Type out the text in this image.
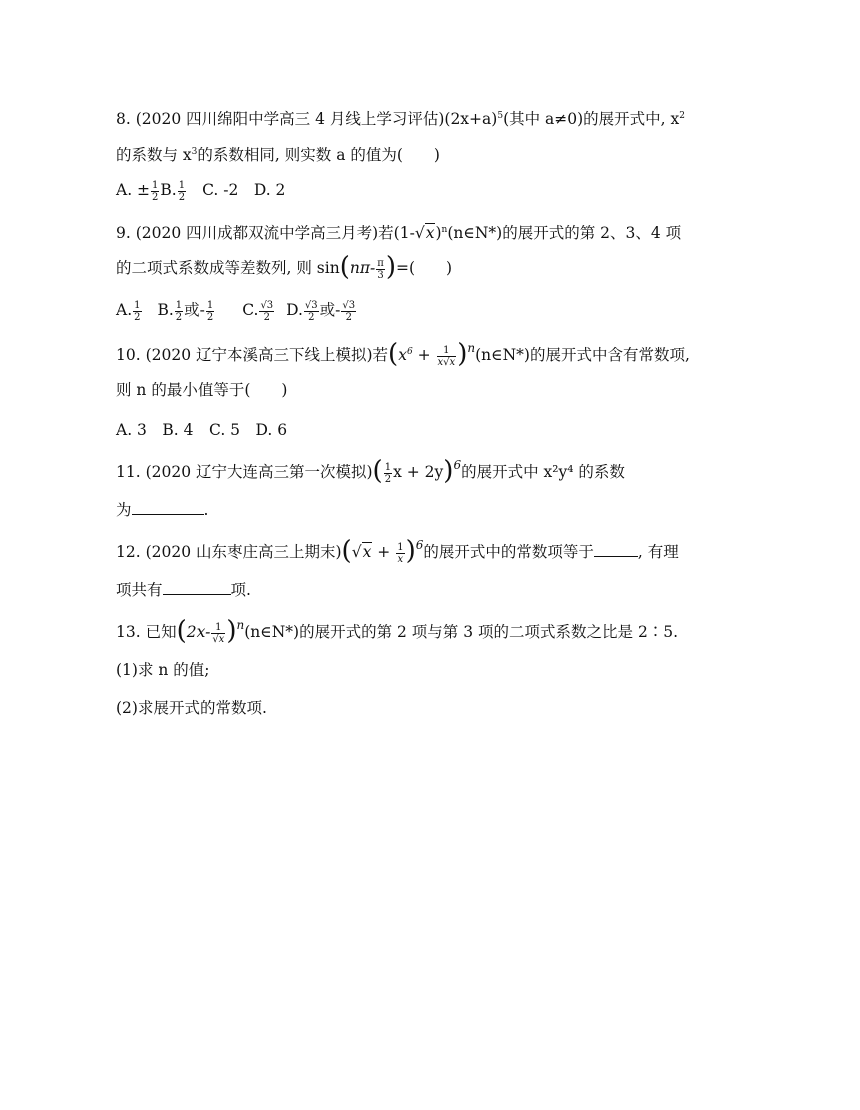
8. (2020 四川绵阳中学高三 4 月线上学习评估)$(2x+a)^5$(其中 a≠0)的展开式中, $x^2$
的系数与 $x^3$的系数相同, 则实数 a 的值为(　　)
A. ± $\frac{1}{2} B$. $\frac{1}{2} C$. -2　D. 2
9. (2020 四川成都双流中学高三月考)若$(1-√x)^n(n\in N*)$的展开式的第 2、3、4 项
的二项式系数成等差数列, 则 $\sin(n\pi- \frac{\pi}{3}$ )=(　　)
A. $\frac{1}{2} B$. $\frac{1}{2}$ 或- $\frac{1}{2} C$. $\frac{√3}{2} D$. $\frac{√3}{2}$ 或- $\frac{√3}{2}$
10. (2020 辽宁本溪高三下线上模拟)若($x^6 + \frac{1}{x√x}$ )$^n(n\in N*)$的展开式中含有常数项,
则 n 的最小值等于(　　)
A. 3　B. 4　C. 5　D. 6
11. (2020 辽宁大连高三第一次模拟)( $\frac{1}{2}$ x + 2y)$^6$的展开式中 x²y⁴ 的系数
为	.
12. (2020 山东枣庄高三上期末)$(√x + \frac{1}{x} )^6$的展开式中的常数项等于	, 有理
项共有	项.
13. 已知($2x- \frac{1}{√x}$ )$^n$(n∈N*)的展开式的第 2 项与第 3 项的二项式系数之比是 2∶5.
(1)求 n 的值;
(2)求展开式的常数项.
